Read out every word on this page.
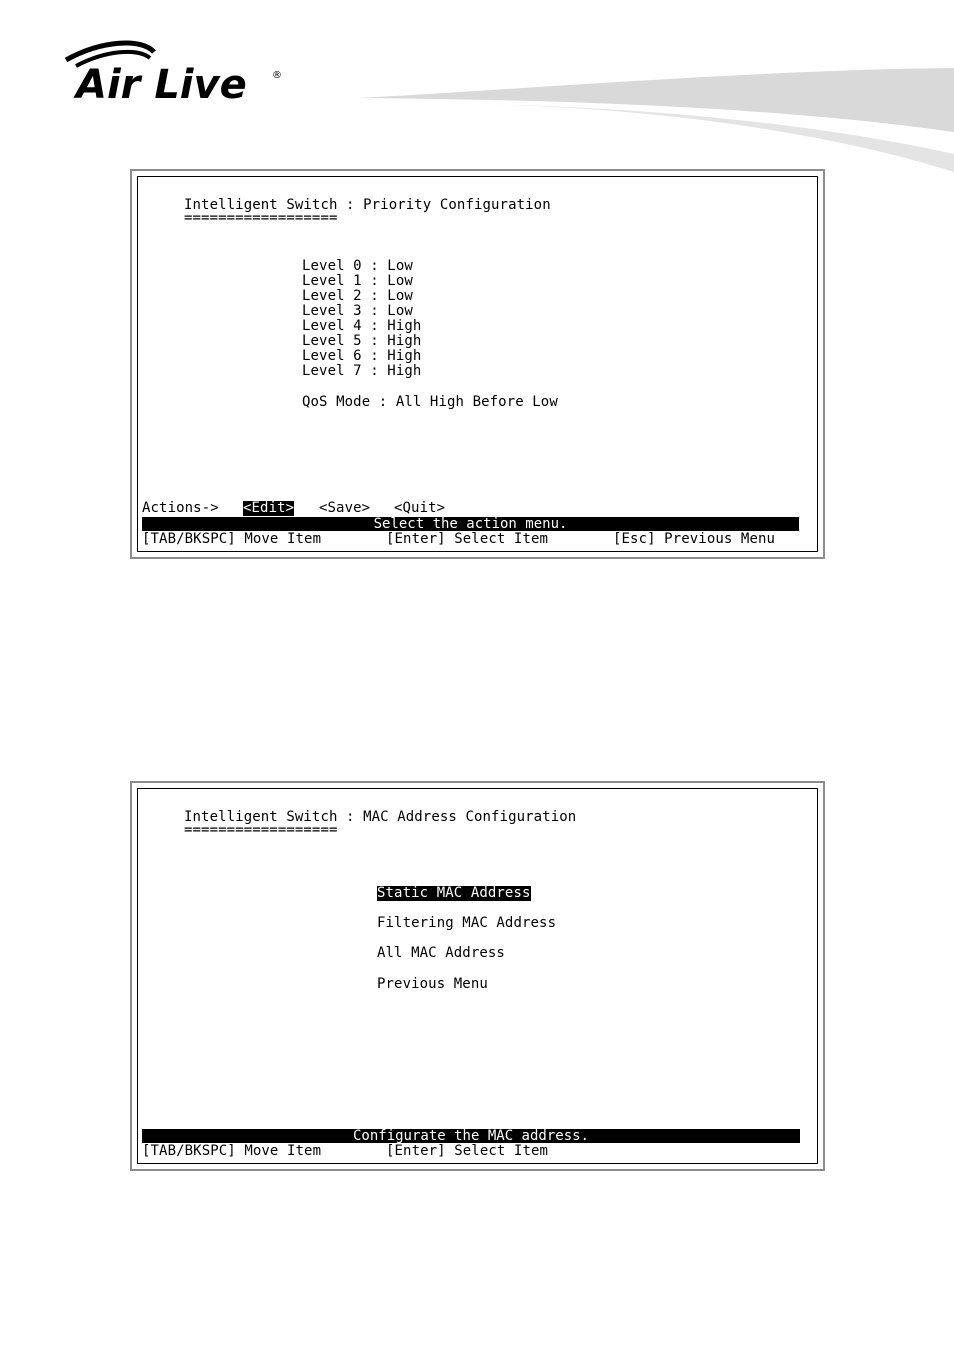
Air Live	®
Intelligent Switch : Priority Configuration
==================
Level 0 : Low
Level 1 : Low
Level 2 : Low
Level 3 : Low
Level 4 : High
Level 5 : High
Level 6 : High
Level 7 : High
QoS Mode : All High Before Low
Actions-> <Edit> <Save> <Quit>
Select the action menu.
[TAB/BKSPC] Move Item	[Enter] Select Item	[Esc] Previous Menu
Intelligent Switch : MAC Address Configuration
==================
Static MAC Address
Filtering MAC Address
All MAC Address
Previous Menu
Configurate the MAC address.
[TAB/BKSPC] Move Item	[Enter] Select Item
